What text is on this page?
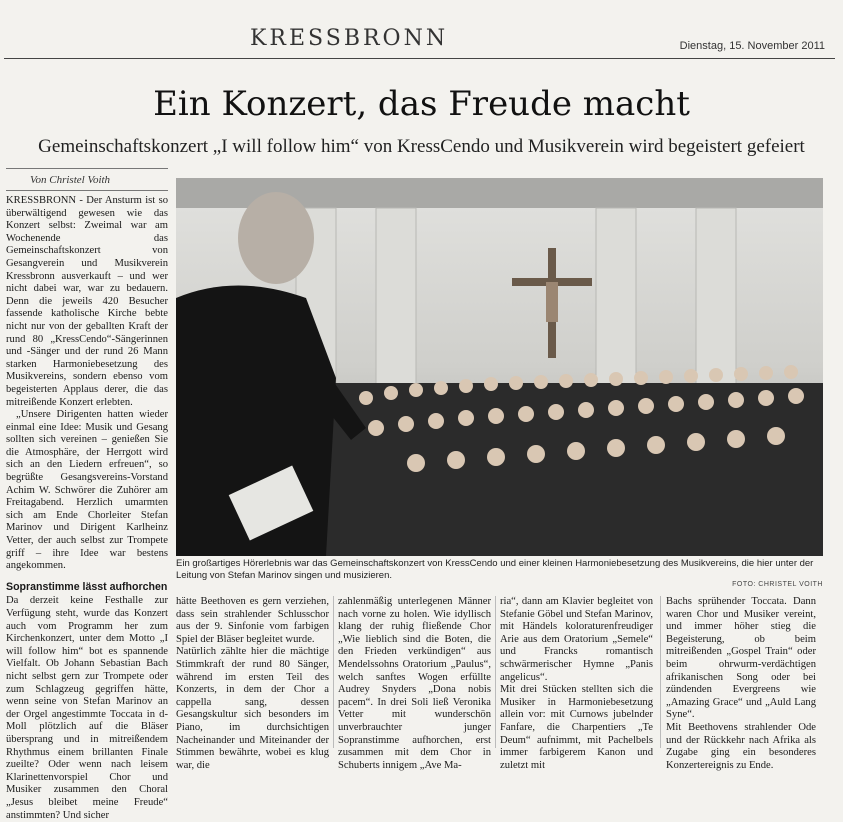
KRESSBRONN	Dienstag, 15. November 2011
Ein Konzert, das Freude macht
Gemeinschaftskonzert „I will follow him“ von KressCendo und Musikverein wird begeistert gefeiert
Von Christel Voith

KRESSBRONN - Der Ansturm ist so überwältigend gewesen wie das Konzert selbst: Zweimal war am Wochenende das Gemeinschaftskonzert von Gesangverein und Musikverein Kressbronn ausverkauft – und wer nicht dabei war, war zu bedauern. Denn die jeweils 420 Besucher fassende katholische Kirche bebte nicht nur von der geballten Kraft der rund 80 „KressCendo“-Sängerinnen und -Sänger und der rund 26 Mann starken Harmoniebesetzung des Musikvereins, sondern ebenso vom begeisterten Applaus derer, die das mitreißende Konzert erlebten.

„Unsere Dirigenten hatten wieder einmal eine Idee: Musik und Gesang sollten sich vereinen – genießen Sie die Atmosphäre, der Herrgott wird sich an den Liedern erfreuen“, so begrüßte Gesangsvereins-Vorstand Achim W. Schwörer die Zuhörer am Freitagabend. Herzlich umarmten sich am Ende Chorleiter Stefan Marinov und Dirigent Karlheinz Vetter, der auch selbst zur Trompete griff – ihre Idee war bestens angekommen.

Sopranstimme lässt aufhorchen

Da derzeit keine Festhalle zur Verfügung steht, wurde das Konzert auch vom Programm her zum Kirchenkonzert, unter dem Motto „I will follow him“ bot es spannende Vielfalt. Ob Johann Sebastian Bach nicht selbst gern zur Trompete oder zum Schlagzeug gegriffen hätte, wenn seine von Stefan Marinov an der Orgel angestimmte Toccata in d-Moll plötzlich auf die Bläser übersprang und in mitreißendem Rhythmus einem brillanten Finale zueilte? Oder wenn nach leisem Klarinettenvorspiel Chor und Musiker zusammen den Choral „Jesus bleibet meine Freude“ anstimmten? Und sicher

Ein großartiges Hörerlebnis war das Gemeinschaftskonzert von KressCendo und einer kleinen Harmoniebesetzung des Musikvereins, die hier unter der Leitung von Stefan Marinov singen und musizieren.
FOTO: CHRISTEL VOITH

hätte Beethoven es gern verziehen, dass sein strahlender Schlusschor aus der 9. Sinfonie vom farbigen Spiel der Bläser begleitet wurde.
Natürlich zählte hier die mächtige Stimmkraft der rund 80 Sänger, während im ersten Teil des Konzerts, in dem der Chor a cappella sang, dessen Gesangskultur sich besonders im Piano, im durchsichtigen Nacheinander und Miteinander der Stimmen bewährte, wobei es klug war, die

zahlenmäßig unterlegenen Männer nach vorne zu holen. Wie idyllisch klang der ruhig fließende Chor „Wie lieblich sind die Boten, die den Frieden verkündigen“ aus Mendelssohns Oratorium „Paulus“, welch sanftes Wogen erfüllte Audrey Snyders „Dona nobis pacem“. In drei Soli ließ Veronika Vetter mit wunderschön unverbrauchter junger Sopranstimme aufhorchen, erst zusammen mit dem Chor in Schuberts innigem „Ave Ma-

ria“, dann am Klavier begleitet von Stefanie Göbel und Stefan Marinov, mit Händels koloraturenfreudiger Arie aus dem Oratorium „Semele“ und Francks romantisch schwärmerischer Hymne „Panis angelicus“.
Mit drei Stücken stellten sich die Musiker in Harmoniebesetzung allein vor: mit Curnows jubelnder Fanfare, die Charpentiers „Te Deum“ aufnimmt, mit Pachelbels immer farbigerem Kanon und zuletzt mit

Bachs sprühender Toccata. Dann waren Chor und Musiker vereint, und immer höher stieg die Begeisterung, ob beim mitreißenden „Gospel Train“ oder beim ohrwurm-verdächtigen afrikanischen Song oder bei zündenden Evergreens wie „Amazing Grace“ und „Auld Lang Syne“.
Mit Beethovens strahlender Ode und der Rückkehr nach Afrika als Zugabe ging ein besonderes Konzertereignis zu Ende.
